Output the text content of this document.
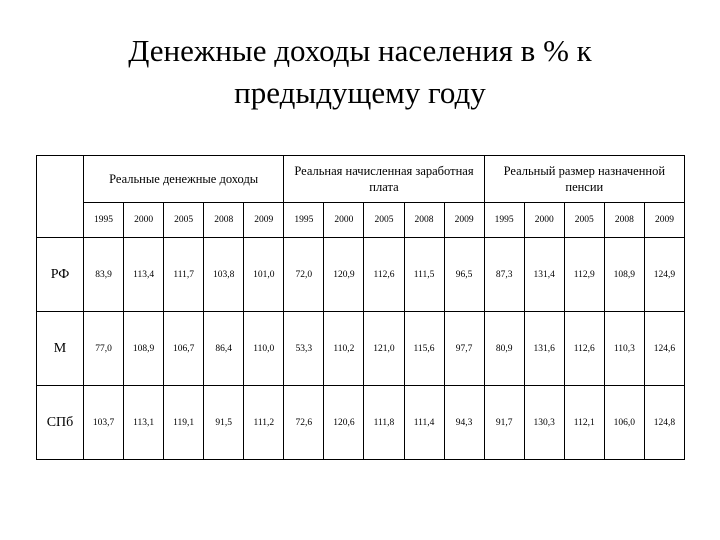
Денежные доходы населения в % к
предыдущему году
	Реальные денежные доходы					Реальная начисленная заработная плата					Реальный размер назначенной пенсии				
	1995	2000	2005	2008	2009	1995	2000	2005	2008	2009	1995	2000	2005	2008	2009
РФ	83,9	113,4	111,7	103,8	101,0	72,0	120,9	112,6	111,5	96,5	87,3	131,4	112,9	108,9	124,9
М	77,0	108,9	106,7	86,4	110,0	53,3	110,2	121,0	115,6	97,7	80,9	131,6	112,6	110,3	124,6
СПб	103,7	113,1	119,1	91,5	111,2	72,6	120,6	111,8	111,4	94,3	91,7	130,3	112,1	106,0	124,8
